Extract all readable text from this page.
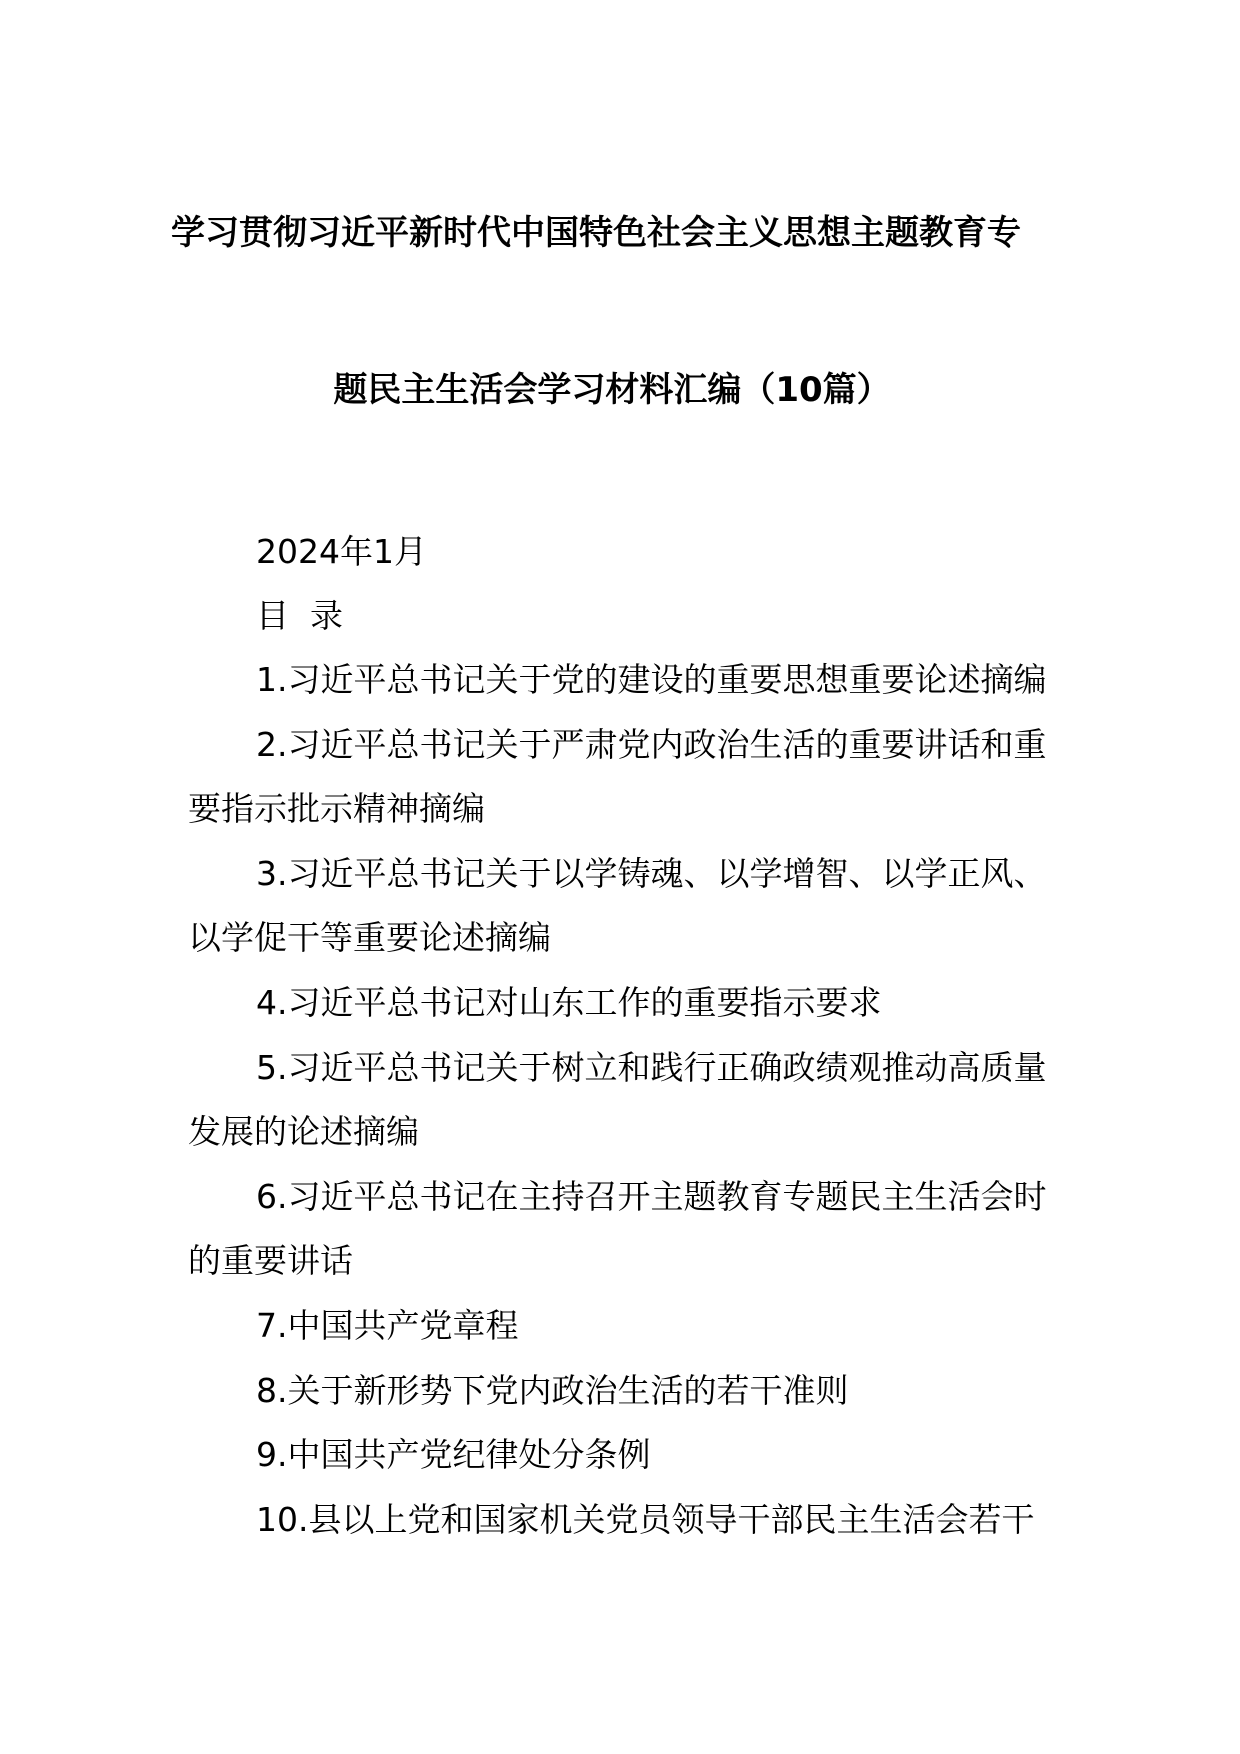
学习贯彻习近平新时代中国特色社会主义思想主题教育专
题民主生活会学习材料汇编（10篇）
2024年1月
目  录
1.习近平总书记关于党的建设的重要思想重要论述摘编
2.习近平总书记关于严肃党内政治生活的重要讲话和重
要指示批示精神摘编
3.习近平总书记关于以学铸魂、以学增智、以学正风、
以学促干等重要论述摘编
4.习近平总书记对山东工作的重要指示要求
5.习近平总书记关于树立和践行正确政绩观推动高质量
发展的论述摘编
6.习近平总书记在主持召开主题教育专题民主生活会时
的重要讲话
7.中国共产党章程
8.关于新形势下党内政治生活的若干准则
9.中国共产党纪律处分条例
10.县以上党和国家机关党员领导干部民主生活会若干
